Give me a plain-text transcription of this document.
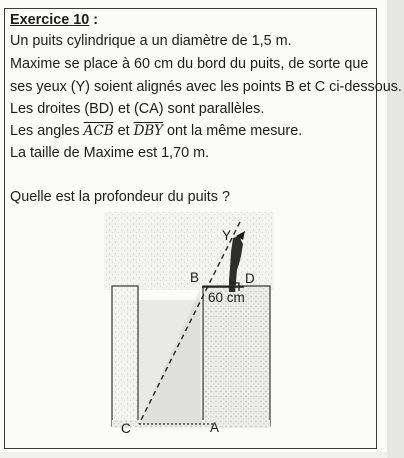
Exercice 10 :
Un puits cylindrique a un diamètre de 1,5 m.
Maxime se place à 60 cm du bord du puits, de sorte que
ses yeux (Y) soient alignés avec les points B et C ci-dessous.
Les droites (BD) et (CA) sont parallèles.
Les angles $\overline{ACB}$ et $\overline{DBY}$ ont la même mesure.
La taille de Maxime est 1,70 m.
Quelle est la profondeur du puits ?
Y
B	D
60 cm
C	A
